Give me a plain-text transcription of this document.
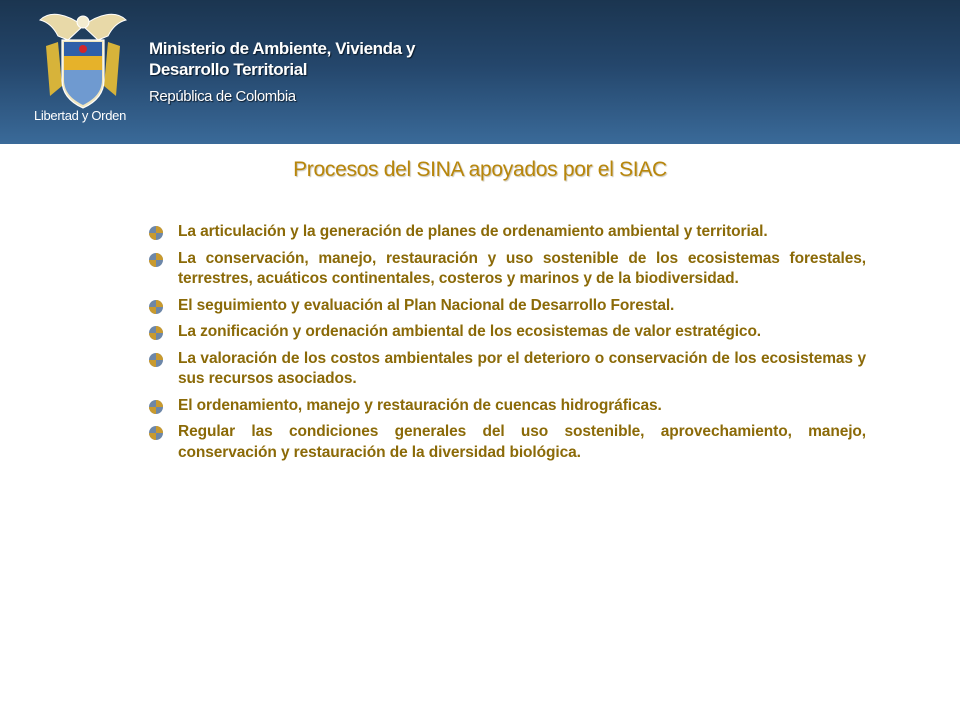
Libertad y Orden
Ministerio de Ambiente, Vivienda y
Desarrollo Territorial
República de Colombia
Procesos del SINA apoyados por el SIAC
La articulación y la generación de planes de ordenamiento ambiental y territorial.
La conservación, manejo, restauración y uso sostenible de los ecosistemas forestales, terrestres, acuáticos continentales, costeros y marinos y de la biodiversidad.
El seguimiento y evaluación al Plan Nacional de Desarrollo Forestal.
La zonificación y ordenación ambiental de los ecosistemas de valor estratégico.
La valoración de los costos ambientales por el deterioro o conservación de los ecosistemas y sus recursos asociados.
El ordenamiento, manejo y restauración de cuencas hidrográficas.
Regular las condiciones generales del uso sostenible, aprovechamiento, manejo, conservación y restauración de la diversidad biológica.
